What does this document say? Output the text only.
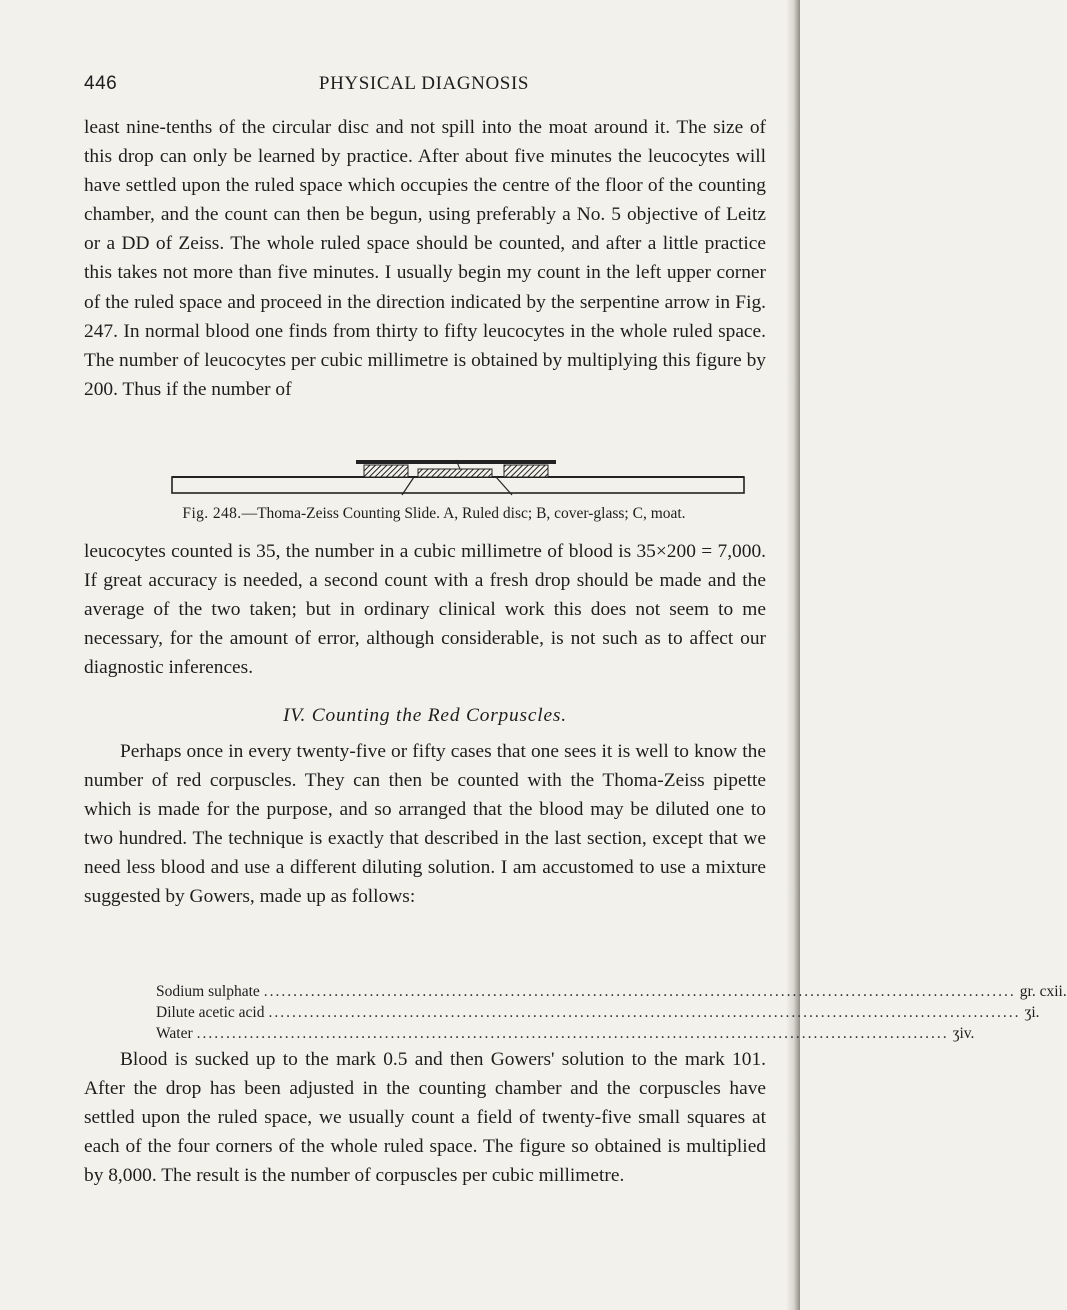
446	PHYSICAL DIAGNOSIS

least nine-tenths of the circular disc and not spill into the moat around it. The size of this drop can only be learned by practice. After about five minutes the leucocytes will have settled upon the ruled space which occupies the centre of the floor of the counting chamber, and the count can then be begun, using preferably a No. 5 objective of Leitz or a DD of Zeiss. The whole ruled space should be counted, and after a little practice this takes not more than five minutes. I usually begin my count in the left upper corner of the ruled space and proceed in the direction indicated by the serpentine arrow in Fig. 247. In normal blood one finds from thirty to fifty leucocytes in the whole ruled space. The number of leucocytes per cubic millimetre is obtained by multiplying this figure by 200. Thus if the number of

Fig. 248.—Thoma-Zeiss Counting Slide. A, Ruled disc; B, cover-glass; C, moat.

leucocytes counted is 35, the number in a cubic millimetre of blood is 35×200 = 7,000. If great accuracy is needed, a second count with a fresh drop should be made and the average of the two taken; but in ordinary clinical work this does not seem to me necessary, for the amount of error, although considerable, is not such as to affect our diagnostic inferences.

IV. Counting the Red Corpuscles.

Perhaps once in every twenty-five or fifty cases that one sees it is well to know the number of red corpuscles. They can then be counted with the Thoma-Zeiss pipette which is made for the purpose, and so arranged that the blood may be diluted one to two hundred. The technique is exactly that described in the last section, except that we need less blood and use a different diluting solution. I am accustomed to use a mixture suggested by Gowers, made up as follows:

Sodium sulphate ................................................................................................................................ gr. cxii.
Dilute acetic acid ................................................................................................................................ ʒi.
Water ................................................................................................................................ ʒiv.

Blood is sucked up to the mark 0.5 and then Gowers' solution to the mark 101. After the drop has been adjusted in the counting chamber and the corpuscles have settled upon the ruled space, we usually count a field of twenty-five small squares at each of the four corners of the whole ruled space. The figure so obtained is multiplied by 8,000. The result is the number of corpuscles per cubic millimetre.
